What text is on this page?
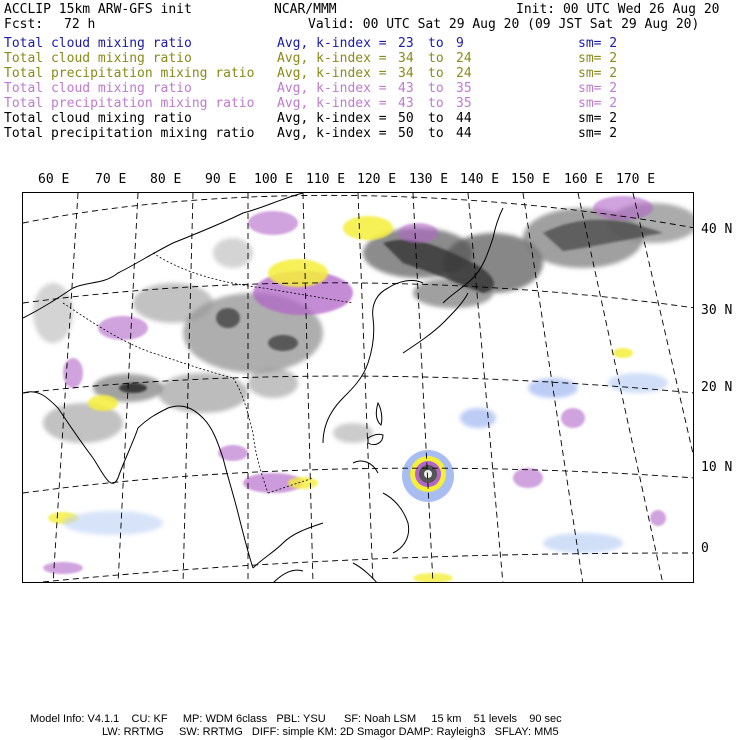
ACCLIP 15km ARW-GFS init	NCAR/MMM	Init: 00 UTC Wed 26 Aug 20
Fcst: 72 h	Valid: 00 UTC Sat 29 Aug 20 (09 JST Sat 29 Aug 20)
Total cloud mixing ratio	Avg, k-index = 23 to 9	sm= 2
Total cloud mixing ratio	Avg, k-index = 34 to 24	sm= 2
Total precipitation mixing ratio Avg, k-index = 34 to 24	sm= 2
Total cloud mixing ratio	Avg, k-index = 43 to 35	sm= 2
Total precipitation mixing ratio Avg, k-index = 43 to 35	sm= 2
Total cloud mixing ratio	Avg, k-index = 50 to 44	sm= 2
Total precipitation mixing ratio Avg, k-index = 50 to 44	sm= 2
60 E 70 E 80 E 90 E 100 E 110 E 120 E 130 E 140 E 150 E 160 E 170 E
40 N
30 N
20 N
10 N
0
Model Info: V4.1.1    CU: KF     MP: WDM 6class   PBL: YSU      SF: Noah LSM     15 km    51 levels    90 sec
LW: RRTMG     SW: RRTMG   DIFF: simple KM: 2D Smagor DAMP: Rayleigh3   SFLAY: MM5
